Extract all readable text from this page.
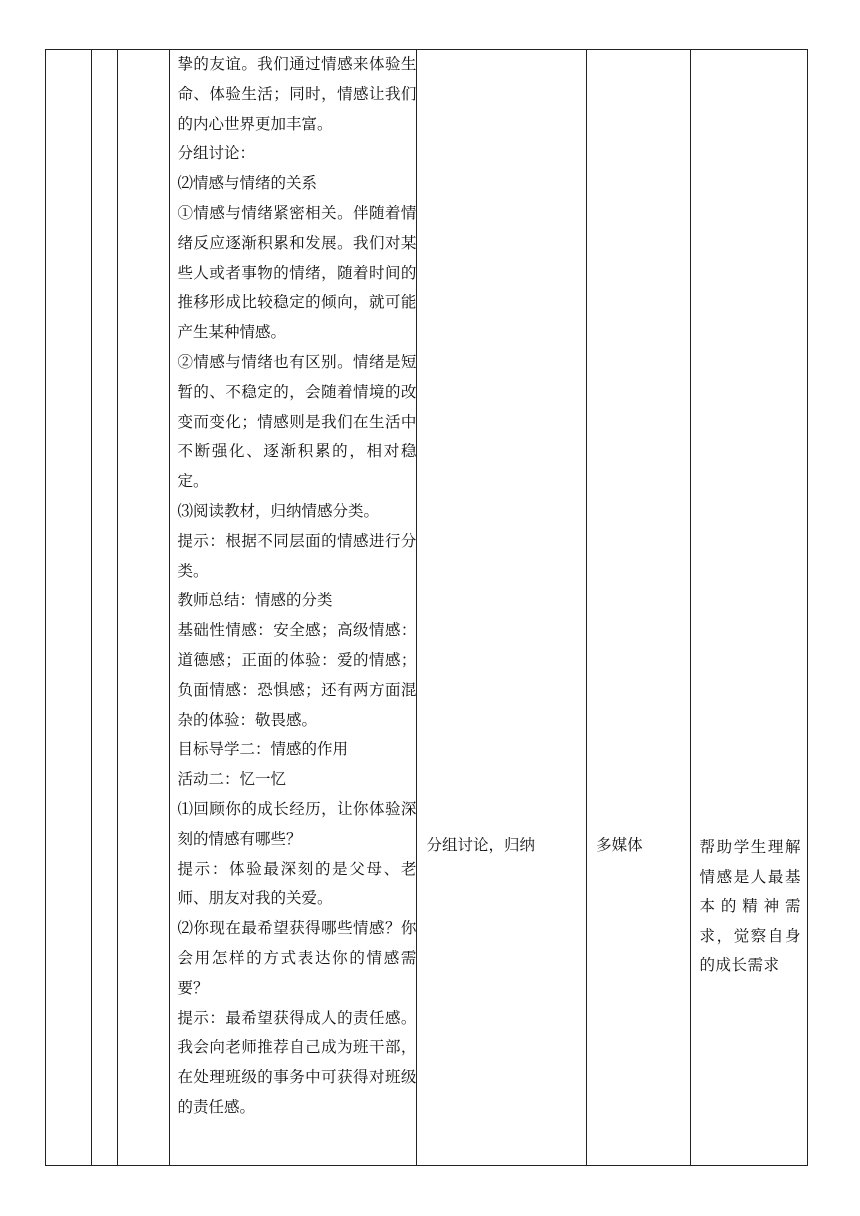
挚的友谊。我们通过情感来体验生命、体验生活；同时，情感让我们的内心世界更加丰富。

分组讨论：

⑵情感与情绪的关系

①情感与情绪紧密相关。伴随着情绪反应逐渐积累和发展。我们对某些人或者事物的情绪，随着时间的推移形成比较稳定的倾向，就可能产生某种情感。

②情感与情绪也有区别。情绪是短暂的、不稳定的，会随着情境的改变而变化；情感则是我们在生活中不断强化、逐渐积累的，相对稳定。

⑶阅读教材，归纳情感分类。

提示：根据不同层面的情感进行分类。

教师总结：情感的分类

基础性情感：安全感；高级情感：道德感；正面的体验：爱的情感；负面情感：恐惧感；还有两方面混杂的体验：敬畏感。

目标导学二：情感的作用

活动二：忆一忆

⑴回顾你的成长经历，让你体验深刻的情感有哪些？

提示：体验最深刻的是父母、老师、朋友对我的关爱。

⑵你现在最希望获得哪些情感？你会用怎样的方式表达你的情感需要？

提示：最希望获得成人的责任感。我会向老师推荐自己成为班干部，在处理班级的事务中可获得对班级的责任感。

分组讨论，归纳	多媒体	帮助学生理解情感是人最基本的精神需求，觉察自身的成长需求
